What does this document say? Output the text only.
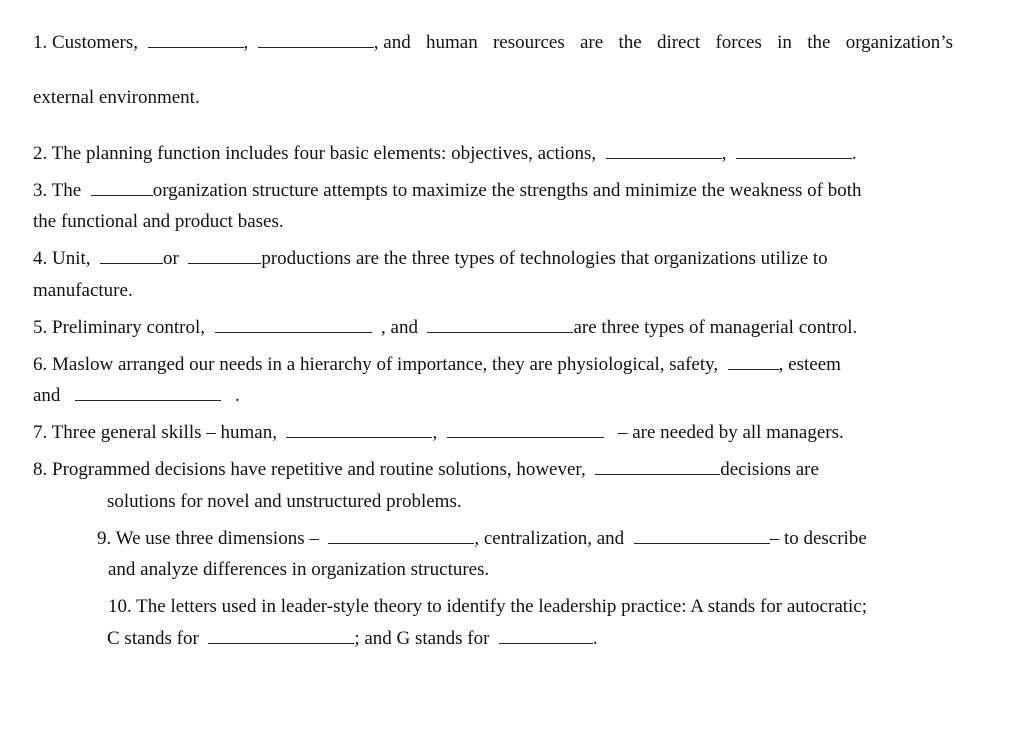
1. Customers,	,	, and human resources are the direct forces in the organization’s
external environment.
2. The planning function includes four basic elements: objectives, actions,	,	.
3. The	organization structure attempts to maximize the strengths and minimize the weakness of both
the functional and product bases.
4. Unit,	or	productions are the three types of technologies that organizations utilize to
manufacture.
5. Preliminary control,	, and	are three types of managerial control.
6. Maslow arranged our needs in a hierarchy of importance, they are physiological, safety,	, esteem
and	.
7. Three general skills – human,	,	– are needed by all managers.
8. Programmed decisions have repetitive and routine solutions, however,	decisions are
solutions for novel and unstructured problems.
9. We use three dimensions –	, centralization, and	– to describe
and analyze differences in organization structures.
10. The letters used in leader-style theory to identify the leadership practice: A stands for autocratic;
C stands for	; and G stands for	.
